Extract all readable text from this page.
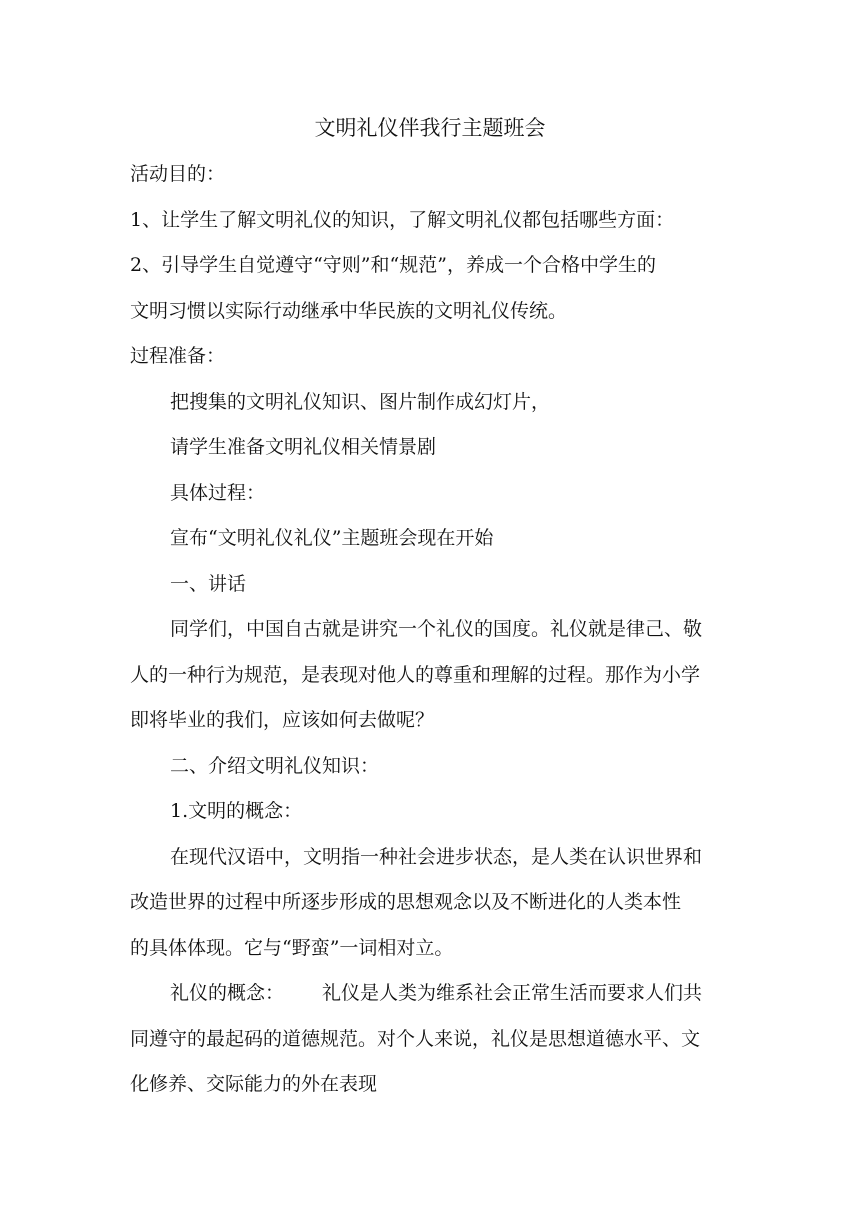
文明礼仪伴我行主题班会
活动目的：
1、让学生了解文明礼仪的知识，了解文明礼仪都包括哪些方面：
2、引导学生自觉遵守“守则”和“规范”，养成一个合格中学生的
文明习惯以实际行动继承中华民族的文明礼仪传统。
过程准备：
把搜集的文明礼仪知识、图片制作成幻灯片，
请学生准备文明礼仪相关情景剧
具体过程：
宣布“文明礼仪礼仪”主题班会现在开始
一、讲话
同学们，中国自古就是讲究一个礼仪的国度。礼仪就是律己、敬
人的一种行为规范，是表现对他人的尊重和理解的过程。那作为小学
即将毕业的我们，应该如何去做呢？
二、介绍文明礼仪知识：
1.文明的概念：
在现代汉语中，文明指一种社会进步状态，是人类在认识世界和
改造世界的过程中所逐步形成的思想观念以及不断进化的人类本性
的具体体现。它与“野蛮”一词相对立。
礼仪的概念： 礼仪是人类为维系社会正常生活而要求人们共
同遵守的最起码的道德规范。对个人来说，礼仪是思想道德水平、文
化修养、交际能力的外在表现
